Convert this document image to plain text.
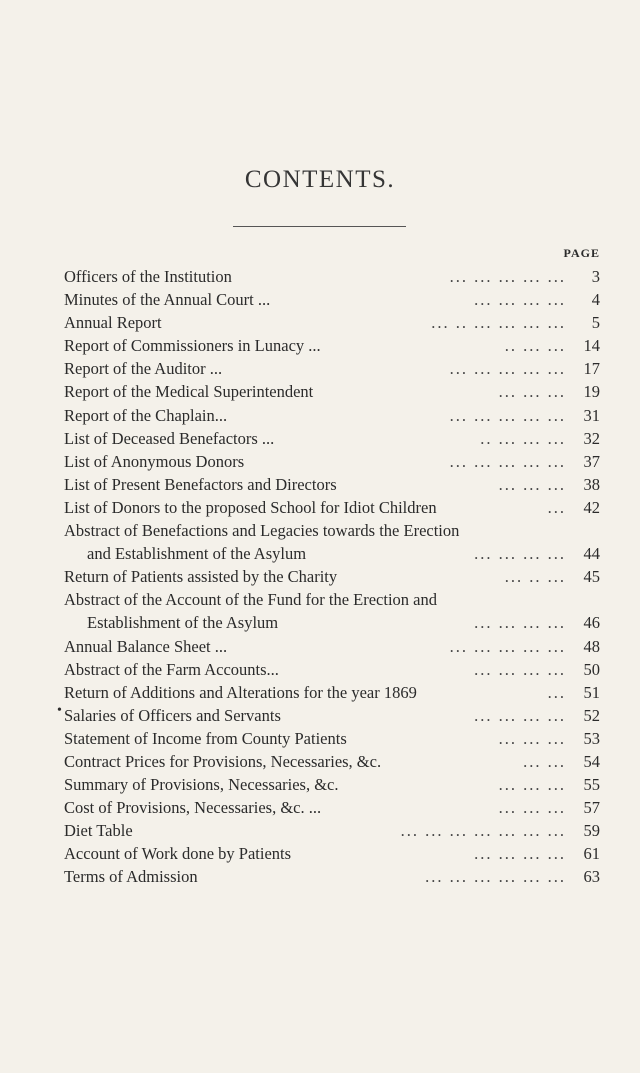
CONTENTS.
PAGE
•
Officers of the Institution	... ... ... ... ...	3
Minutes of the Annual Court ...	... ... ... ...	4
Annual Report	... .. ... ... ... ...	5
Report of Commissioners in Lunacy ...	.. ... ...	14
Report of the Auditor ...	... ... ... ... ...	17
Report of the Medical Superintendent	... ... ...	19
Report of the Chaplain...	... ... ... ... ...	31
List of Deceased Benefactors ...	.. ... ... ...	32
List of Anonymous Donors	... ... ... ... ...	37
List of Present Benefactors and Directors	... ... ...	38
List of Donors to the proposed School for Idiot Children	...	42
Abstract of Benefactions and Legacies towards the Erection
and Establishment of the Asylum	... ... ... ...	44
Return of Patients assisted by the Charity	... .. ...	45
Abstract of the Account of the Fund for the Erection and
Establishment of the Asylum	... ... ... ...	46
Annual Balance Sheet ...	... ... ... ... ...	48
Abstract of the Farm Accounts...	... ... ... ...	50
Return of Additions and Alterations for the year 1869	...	51
Salaries of Officers and Servants	... ... ... ...	52
Statement of Income from County Patients	... ... ...	53
Contract Prices for Provisions, Necessaries, &c.	... ...	54
Summary of Provisions, Necessaries, &c.	... ... ...	55
Cost of Provisions, Necessaries, &c. ...	... ... ...	57
Diet Table	... ... ... ... ... ... ...	59
Account of Work done by Patients	... ... ... ...	61
Terms of Admission	... ... ... ... ... ...	63
